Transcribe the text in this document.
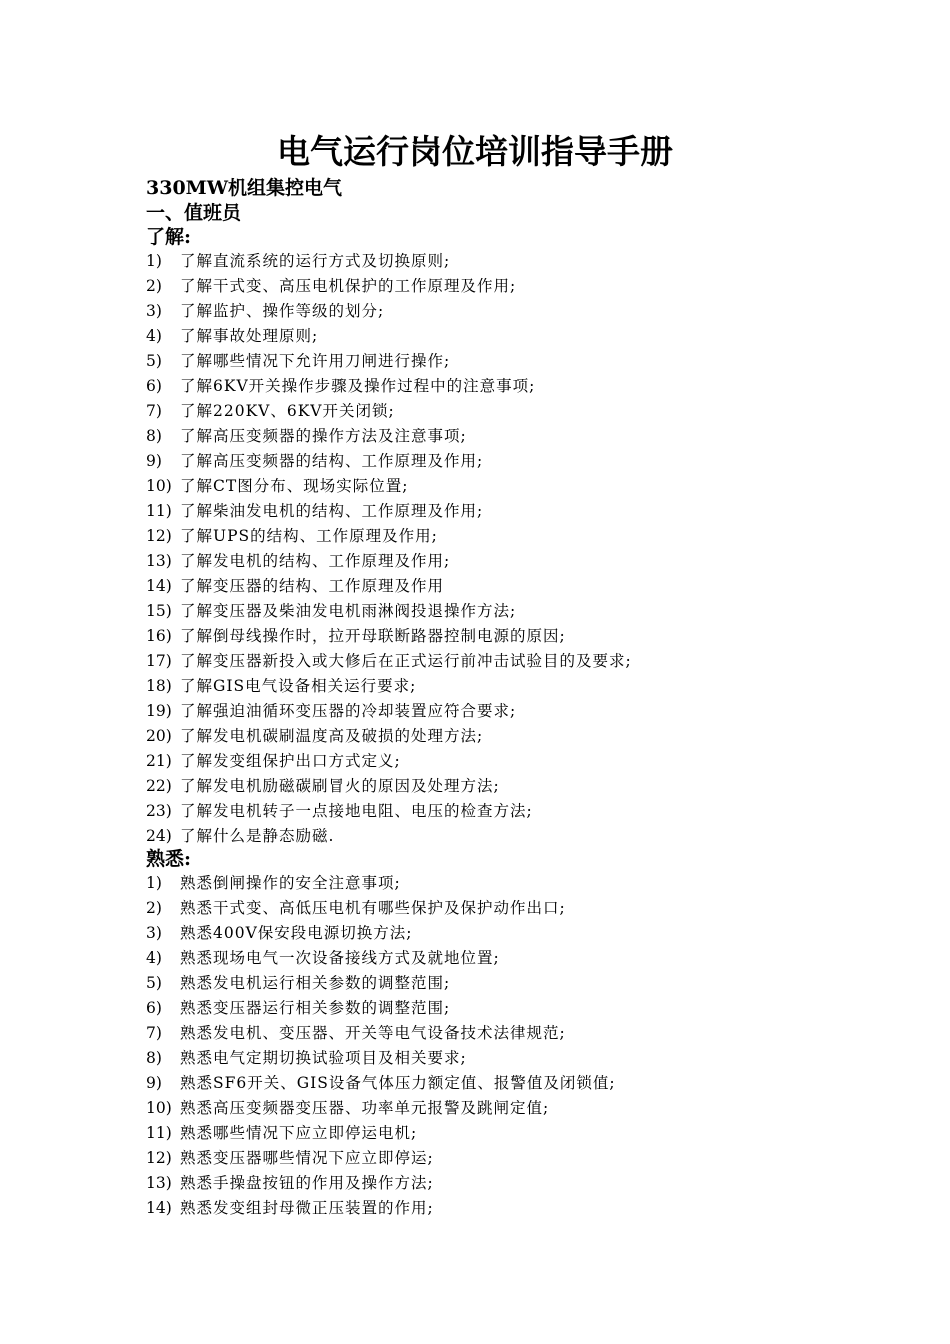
电气运行岗位培训指导手册
330MW机组集控电气
一、值班员
了解:
1) 了解直流系统的运行方式及切换原则;
2) 了解干式变、高压电机保护的工作原理及作用;
3) 了解监护、操作等级的划分;
4) 了解事故处理原则;
5) 了解哪些情况下允许用刀闸进行操作;
6) 了解6KV开关操作步骤及操作过程中的注意事项;
7) 了解220KV、6KV开关闭锁;
8) 了解高压变频器的操作方法及注意事项;
9) 了解高压变频器的结构、工作原理及作用;
10) 了解CT图分布、现场实际位置;
11) 了解柴油发电机的结构、工作原理及作用;
12) 了解UPS的结构、工作原理及作用;
13) 了解发电机的结构、工作原理及作用;
14) 了解变压器的结构、工作原理及作用
15) 了解变压器及柴油发电机雨淋阀投退操作方法;
16) 了解倒母线操作时，拉开母联断路器控制电源的原因;
17) 了解变压器新投入或大修后在正式运行前冲击试验目的及要求;
18) 了解GIS电气设备相关运行要求;
19) 了解强迫油循环变压器的冷却装置应符合要求;
20) 了解发电机碳刷温度高及破损的处理方法;
21) 了解发变组保护出口方式定义;
22) 了解发电机励磁碳刷冒火的原因及处理方法;
23) 了解发电机转子一点接地电阻、电压的检查方法;
24) 了解什么是静态励磁.
熟悉:
1) 熟悉倒闸操作的安全注意事项;
2) 熟悉干式变、高低压电机有哪些保护及保护动作出口;
3) 熟悉400V保安段电源切换方法;
4) 熟悉现场电气一次设备接线方式及就地位置;
5) 熟悉发电机运行相关参数的调整范围;
6) 熟悉变压器运行相关参数的调整范围;
7) 熟悉发电机、变压器、开关等电气设备技术法律规范;
8) 熟悉电气定期切换试验项目及相关要求;
9) 熟悉SF6开关、GIS设备气体压力额定值、报警值及闭锁值;
10) 熟悉高压变频器变压器、功率单元报警及跳闸定值;
11) 熟悉哪些情况下应立即停运电机;
12) 熟悉变压器哪些情况下应立即停运;
13) 熟悉手操盘按钮的作用及操作方法;
14) 熟悉发变组封母微正压装置的作用;
